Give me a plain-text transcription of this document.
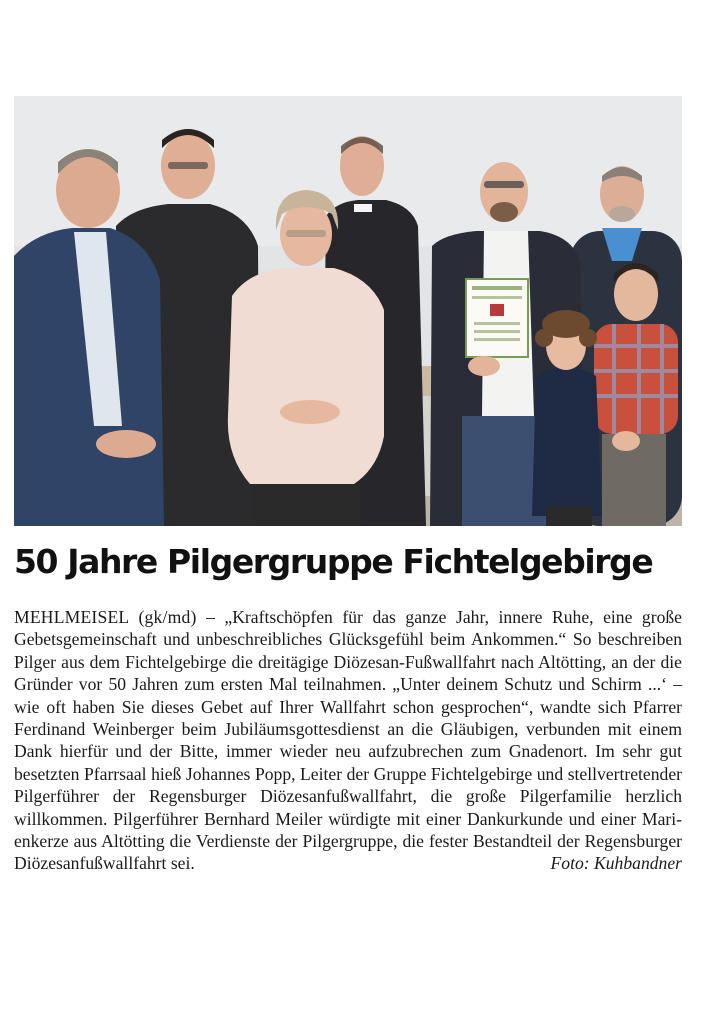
50 Jahre Pilgergruppe Fichtelgebirge

MEHLMEISEL (gk/md) – „Kraftschöpfen für das ganze Jahr, innere Ruhe, eine große Gebetsgemeinschaft und unbeschreibliches Glücksgefühl beim Ankommen.“ So beschreiben Pilger aus dem Fichtelgebirge die dreitägige Diözesan-Fußwallfahrt nach Altötting, an der die Gründer vor 50 Jahren zum ersten Mal teilnahmen. „Unter deinem Schutz und Schirm ...‘ – wie oft haben Sie dieses Gebet auf Ihrer Wallfahrt schon gesprochen“, wandte sich Pfarrer Ferdinand Weinberger beim Jubiläumsgottesdienst an die Gläubigen, verbunden mit einem Dank hierfür und der Bitte, immer wieder neu aufzubrechen zum Gnadenort. Im sehr gut besetzten Pfarrsaal hieß Johannes Popp, Leiter der Gruppe Fichtelgebirge und stellvertretender Pilgerführer der Regensburger Diözesanfußwallfahrt, die große Pilgerfamilie herzlich willkommen. Pilgerführer Bernhard Meiler würdigte mit einer Dankurkunde und einer Marienkerze aus Altötting die Verdienste der Pilgergruppe, die fester Bestandteil der Regensburger Diözesanfußwallfahrt sei.	Foto: Kuhbandner
